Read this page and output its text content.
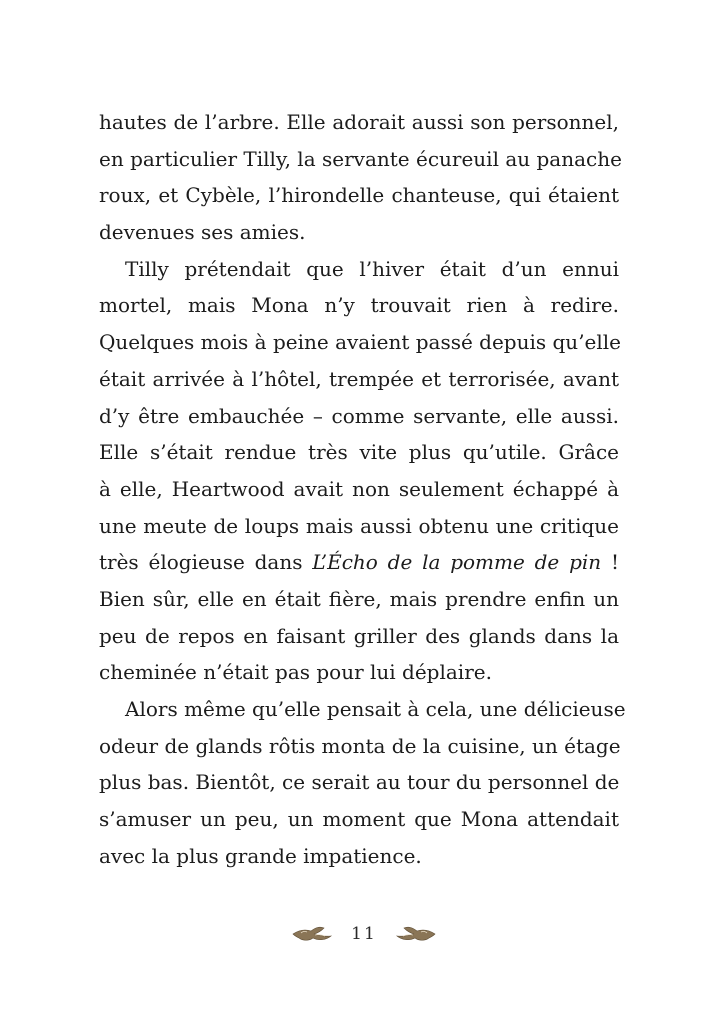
hautes de l’arbre. Elle adorait aussi son personnel,
en particulier Tilly, la servante écureuil au panache
roux, et Cybèle, l’hirondelle chanteuse, qui étaient
devenues ses amies.
Tilly prétendait que l’hiver était d’un ennui
mortel, mais Mona n’y trouvait rien à redire.
Quelques mois à peine avaient passé depuis qu’elle
était arrivée à l’hôtel, trempée et terrorisée, avant
d’y être embauchée – comme servante, elle aussi.
Elle s’était rendue très vite plus qu’utile. Grâce
à elle, Heartwood avait non seulement échappé à
une meute de loups mais aussi obtenu une critique
très élogieuse dans L’Écho de la pomme de pin !
Bien sûr, elle en était fière, mais prendre enfin un
peu de repos en faisant griller des glands dans la
cheminée n’était pas pour lui déplaire.
Alors même qu’elle pensait à cela, une délicieuse
odeur de glands rôtis monta de la cuisine, un étage
plus bas. Bientôt, ce serait au tour du personnel de
s’amuser un peu, un moment que Mona attendait
avec la plus grande impatience.
11
